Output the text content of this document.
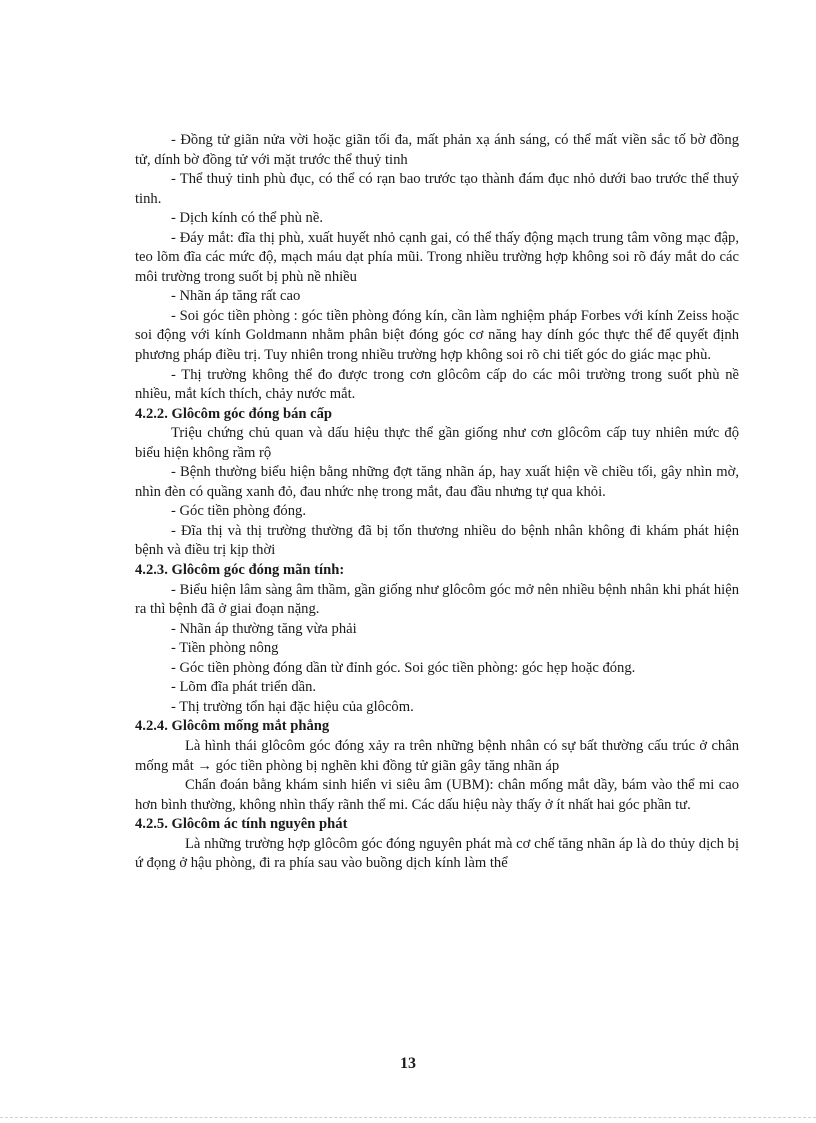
- Đồng tử giãn nửa vời hoặc giãn tối đa, mất phản xạ ánh sáng, có thể mất viền sắc tố bờ đồng tử, dính bờ đồng tử với mặt trước thể thuỷ tinh

- Thể thuỷ tinh phù đục, có thể có rạn bao trước tạo thành đám đục nhỏ dưới bao trước thể thuỷ tinh.

- Dịch kính có thể phù nề.

- Đáy mắt: đĩa thị phù, xuất huyết nhỏ cạnh gai, có thể thấy động mạch trung tâm võng mạc đập, teo lõm đĩa các mức độ, mạch máu dạt phía mũi. Trong nhiều trường hợp không soi rõ đáy mắt do các môi trường trong suốt bị phù nề nhiều

- Nhãn áp tăng rất cao

- Soi góc tiền phòng : góc tiền phòng đóng kín, cần làm nghiệm pháp Forbes với kính Zeiss hoặc soi động với kính Goldmann nhằm phân biệt đóng góc cơ năng hay dính góc thực thể để quyết định phương pháp điều trị. Tuy nhiên trong nhiều trường hợp không soi rõ chi tiết góc do giác mạc phù.

- Thị trường không thể đo được trong cơn glôcôm cấp do các môi trường trong suốt phù nề nhiều, mắt kích thích, chảy nước mắt.

4.2.2. Glôcôm góc đóng bán cấp

Triệu chứng chủ quan và dấu hiệu thực thể gần giống như cơn glôcôm cấp tuy nhiên mức độ biểu hiện không rầm rộ

- Bệnh thường biểu hiện bằng những đợt tăng nhãn áp, hay xuất hiện về chiều tối, gây nhìn mờ, nhìn đèn có quầng xanh đỏ, đau nhức nhẹ trong mắt, đau đầu nhưng tự qua khỏi.

- Góc tiền phòng đóng.

- Đĩa thị và thị trường thường đã bị tổn thương nhiều do bệnh nhân không đi khám phát hiện bệnh và điều trị kịp thời

4.2.3. Glôcôm góc đóng mãn tính:

- Biểu hiện lâm sàng âm thầm, gần giống như glôcôm góc mở nên nhiều bệnh nhân khi phát hiện ra thì bệnh đã ở giai đoạn nặng.

- Nhãn áp thường tăng vừa phải

- Tiền phòng nông

- Góc tiền phòng đóng dần từ đỉnh góc. Soi góc tiền phòng: góc hẹp hoặc đóng.

- Lõm đĩa phát triển dần.

- Thị trường tổn hại đặc hiệu của glôcôm.

4.2.4. Glôcôm mống mắt phẳng

Là hình thái glôcôm góc đóng xảy ra trên những bệnh nhân có sự bất thường cấu trúc ở chân mống mắt → góc tiền phòng bị nghẽn khi đồng tử giãn gây tăng nhãn áp

Chẩn đoán bằng khám sinh hiển vi siêu âm (UBM): chân mống mắt dầy, bám vào thể mi cao hơn bình thường, không nhìn thấy rãnh thể mi. Các dấu hiệu này thấy ở ít nhất hai góc phần tư.

4.2.5. Glôcôm ác tính nguyên phát

Là những trường hợp glôcôm góc đóng nguyên phát mà cơ chế tăng nhãn áp là do thủy dịch bị ứ đọng ở hậu phòng, đi ra phía sau vào buồng dịch kính làm thể

13
